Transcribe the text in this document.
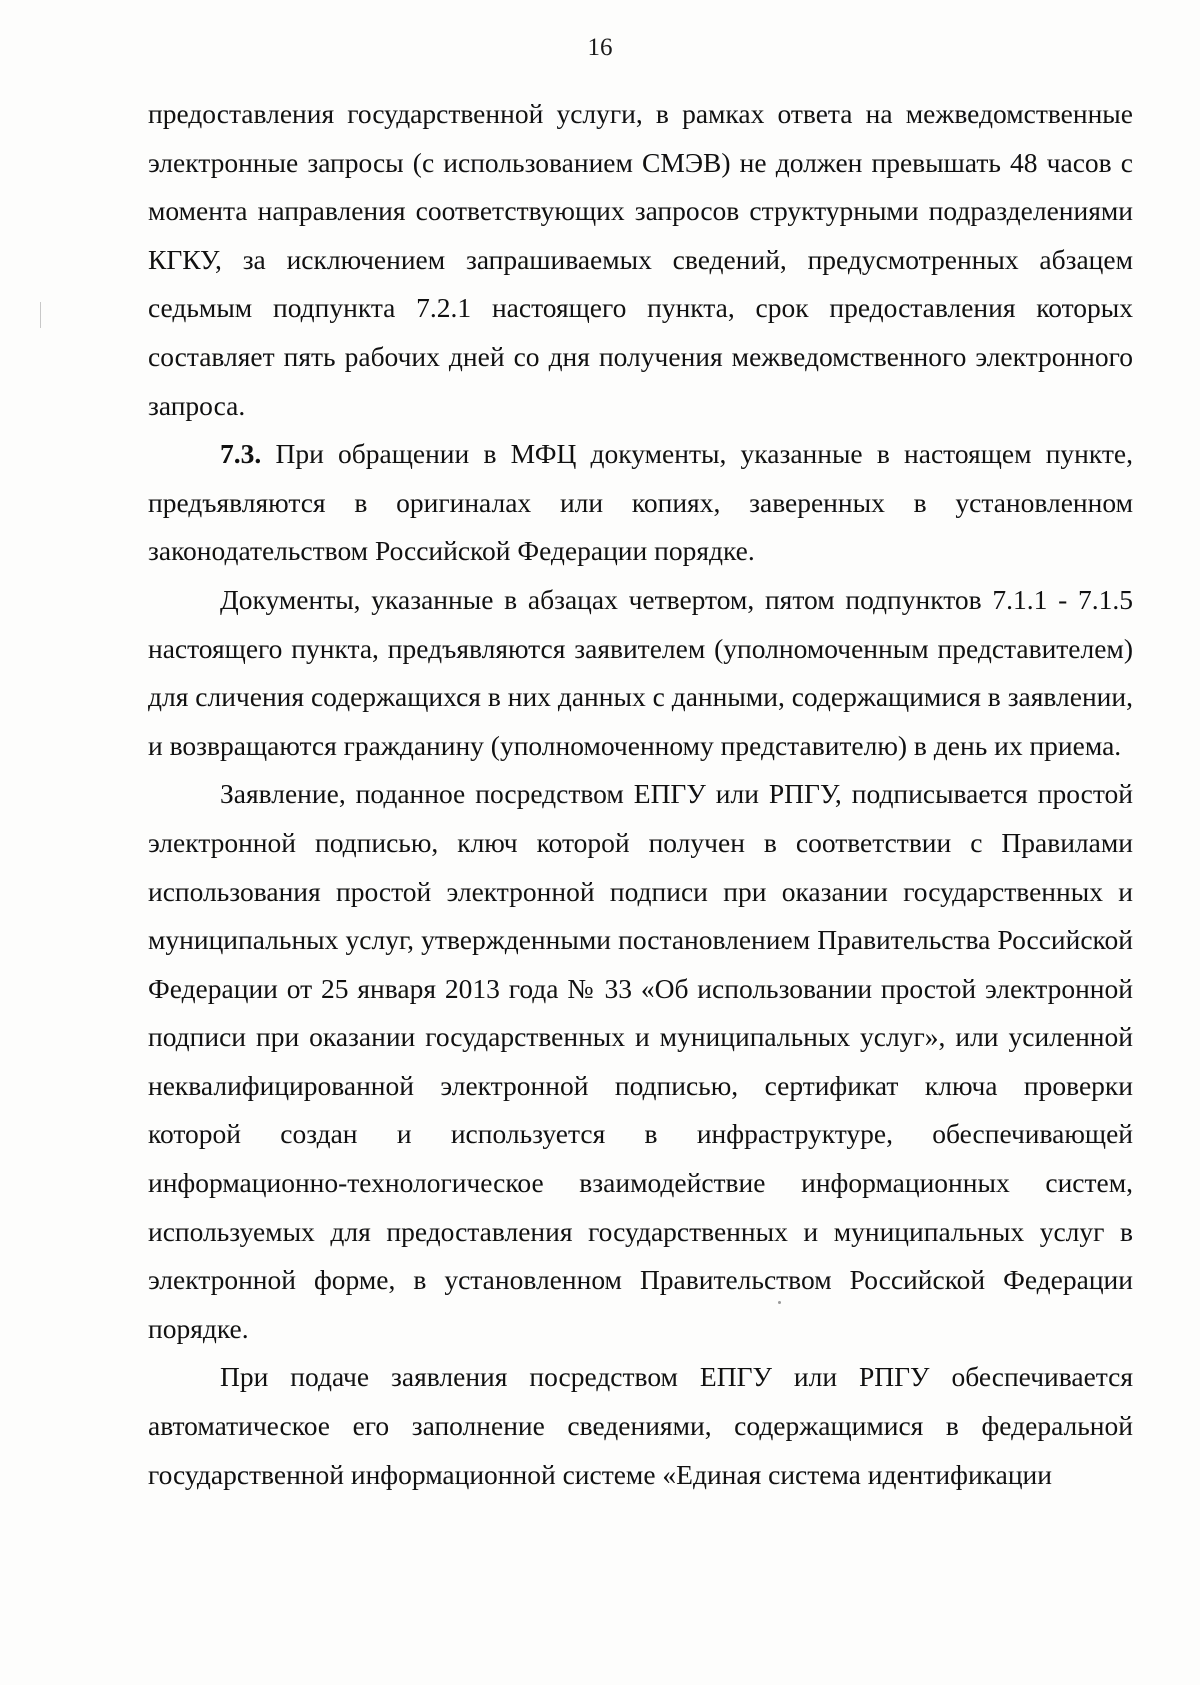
16

предоставления государственной услуги, в рамках ответа на межведомственные электронные запросы (с использованием СМЭВ) не должен превышать 48 часов с момента направления соответствующих запросов структурными подразделениями КГКУ, за исключением запрашиваемых сведений, предусмотренных абзацем седьмым подпункта 7.2.1 настоящего пункта, срок предоставления которых составляет пять рабочих дней со дня получения межведомственного электронного запроса.

7.3. При обращении в МФЦ документы, указанные в настоящем пункте, предъявляются в оригиналах или копиях, заверенных в установленном законодательством Российской Федерации порядке.

Документы, указанные в абзацах четвертом, пятом подпунктов 7.1.1 - 7.1.5 настоящего пункта, предъявляются заявителем (уполномоченным представителем) для сличения содержащихся в них данных с данными, содержащимися в заявлении, и возвращаются гражданину (уполномоченному представителю) в день их приема.

Заявление, поданное посредством ЕПГУ или РПГУ, подписывается простой электронной подписью, ключ которой получен в соответствии с Правилами использования простой электронной подписи при оказании государственных и муниципальных услуг, утвержденными постановлением Правительства Российской Федерации от 25 января 2013 года № 33 «Об использовании простой электронной подписи при оказании государственных и муниципальных услуг», или усиленной неквалифицированной электронной подписью, сертификат ключа проверки которой создан и используется в инфраструктуре, обеспечивающей информационно-технологическое взаимодействие информационных систем, используемых для предоставления государственных и муниципальных услуг в электронной форме, в установленном Правительством Российской Федерации порядке.

При подаче заявления посредством ЕПГУ или РПГУ обеспечивается автоматическое его заполнение сведениями, содержащимися в федеральной государственной информационной системе «Единая система идентификации
